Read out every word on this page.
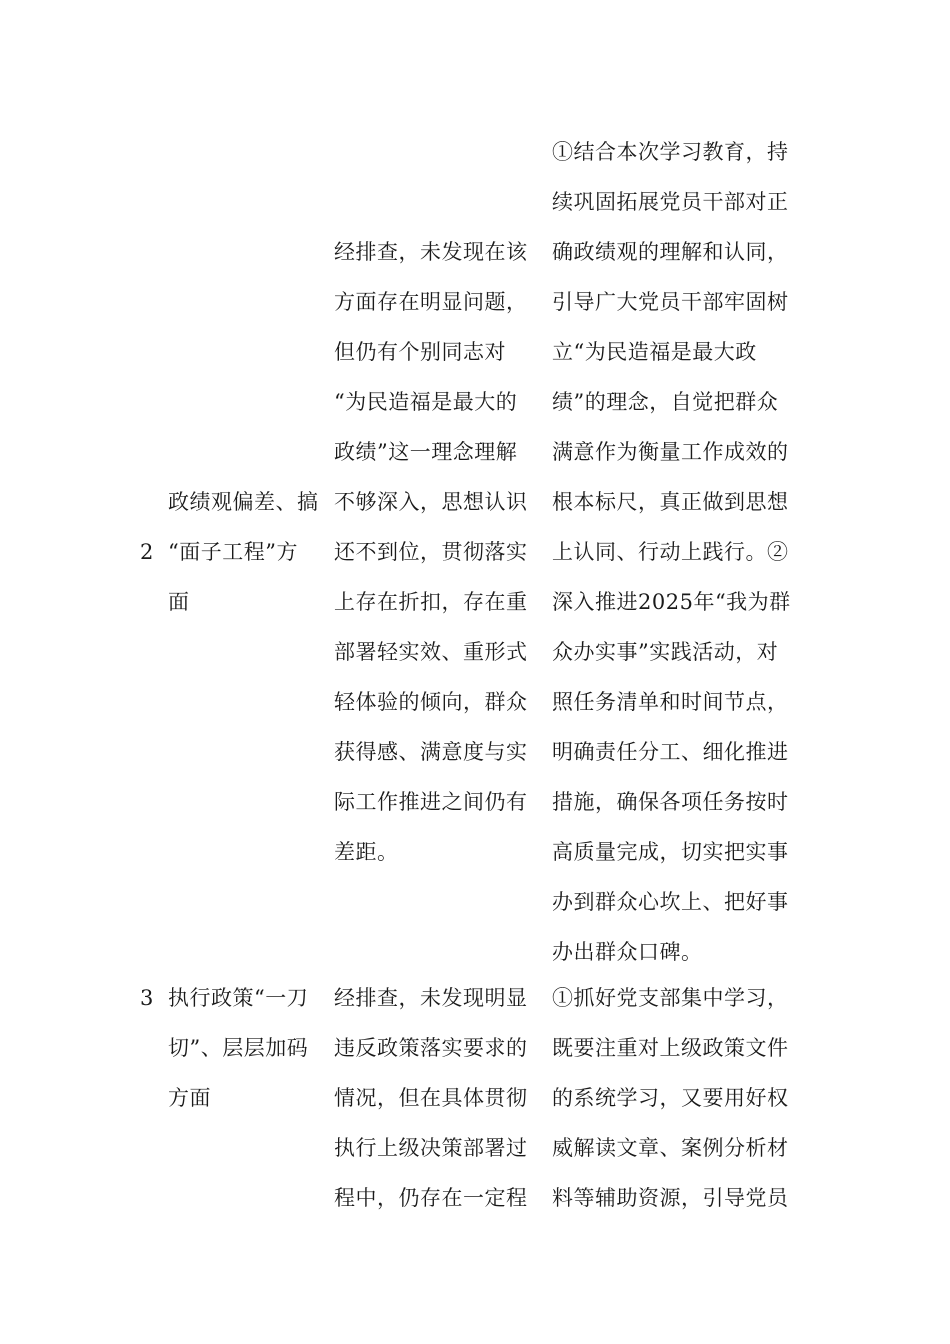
2
政绩观偏差、搞
“面子工程”方
面
经排查，未发现在该
方面存在明显问题，
但仍有个别同志对
“为民造福是最大的
政绩”这一理念理解
不够深入，思想认识
还不到位，贯彻落实
上存在折扣，存在重
部署轻实效、重形式
轻体验的倾向，群众
获得感、满意度与实
际工作推进之间仍有
差距。
①结合本次学习教育，持
续巩固拓展党员干部对正
确政绩观的理解和认同，
引导广大党员干部牢固树
立“为民造福是最大政
绩”的理念，自觉把群众
满意作为衡量工作成效的
根本标尺，真正做到思想
上认同、行动上践行。②
深入推进2025年“我为群
众办实事”实践活动，对
照任务清单和时间节点，
明确责任分工、细化推进
措施，确保各项任务按时
高质量完成，切实把实事
办到群众心坎上、把好事
办出群众口碑。
3 执行政策“一刀
切”、层层加码
方面
经排查，未发现明显
违反政策落实要求的
情况，但在具体贯彻
执行上级决策部署过
程中，仍存在一定程
①抓好党支部集中学习，
既要注重对上级政策文件
的系统学习，又要用好权
威解读文章、案例分析材
料等辅助资源，引导党员
